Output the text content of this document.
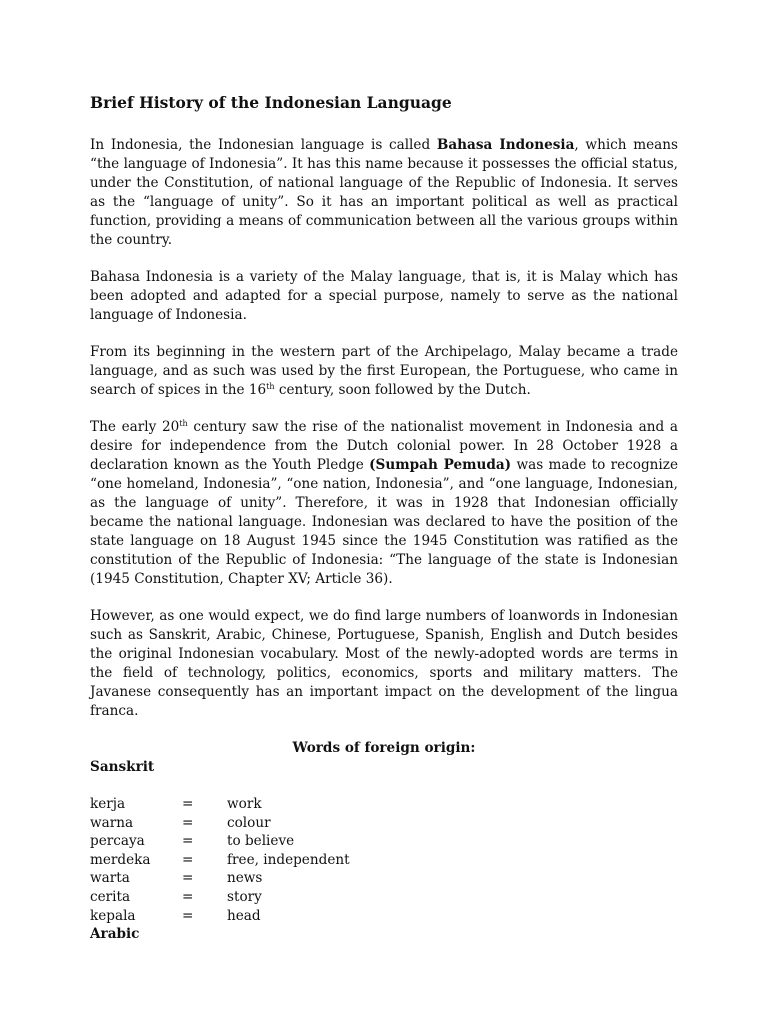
Brief History of the Indonesian Language

In Indonesia, the Indonesian language is called Bahasa Indonesia, which means “the language of Indonesia”. It has this name because it possesses the official status, under the Constitution, of national language of the Republic of Indonesia. It serves as the “language of unity”. So it has an important political as well as practical function, providing a means of communication between all the various groups within the country.

Bahasa Indonesia is a variety of the Malay language, that is, it is Malay which has been adopted and adapted for a special purpose, namely to serve as the national language of Indonesia.

From its beginning in the western part of the Archipelago, Malay became a trade language, and as such was used by the first European, the Portuguese, who came in search of spices in the 16th century, soon followed by the Dutch.

The early 20th century saw the rise of the nationalist movement in Indonesia and a desire for independence from the Dutch colonial power. In 28 October 1928 a declaration known as the Youth Pledge (Sumpah Pemuda) was made to recognize “one homeland, Indonesia”, “one nation, Indonesia”, and “one language, Indonesian, as the language of unity”. Therefore, it was in 1928 that Indonesian officially became the national language. Indonesian was declared to have the position of the state language on 18 August 1945 since the 1945 Constitution was ratified as the constitution of the Republic of Indonesia: “The language of the state is Indonesian (1945 Constitution, Chapter XV; Article 36).

However, as one would expect, we do find large numbers of loanwords in Indonesian such as Sanskrit, Arabic, Chinese, Portuguese, Spanish, English and Dutch besides the original Indonesian vocabulary. Most of the newly-adopted words are terms in the field of technology, politics, economics, sports and military matters. The Javanese consequently has an important impact on the development of the lingua franca.

Words of foreign origin:
Sanskrit
kerja	=	work
warna	=	colour
percaya	=	to believe
merdeka	=	free, independent
warta	=	news
cerita	=	story
kepala	=	head
Arabic
